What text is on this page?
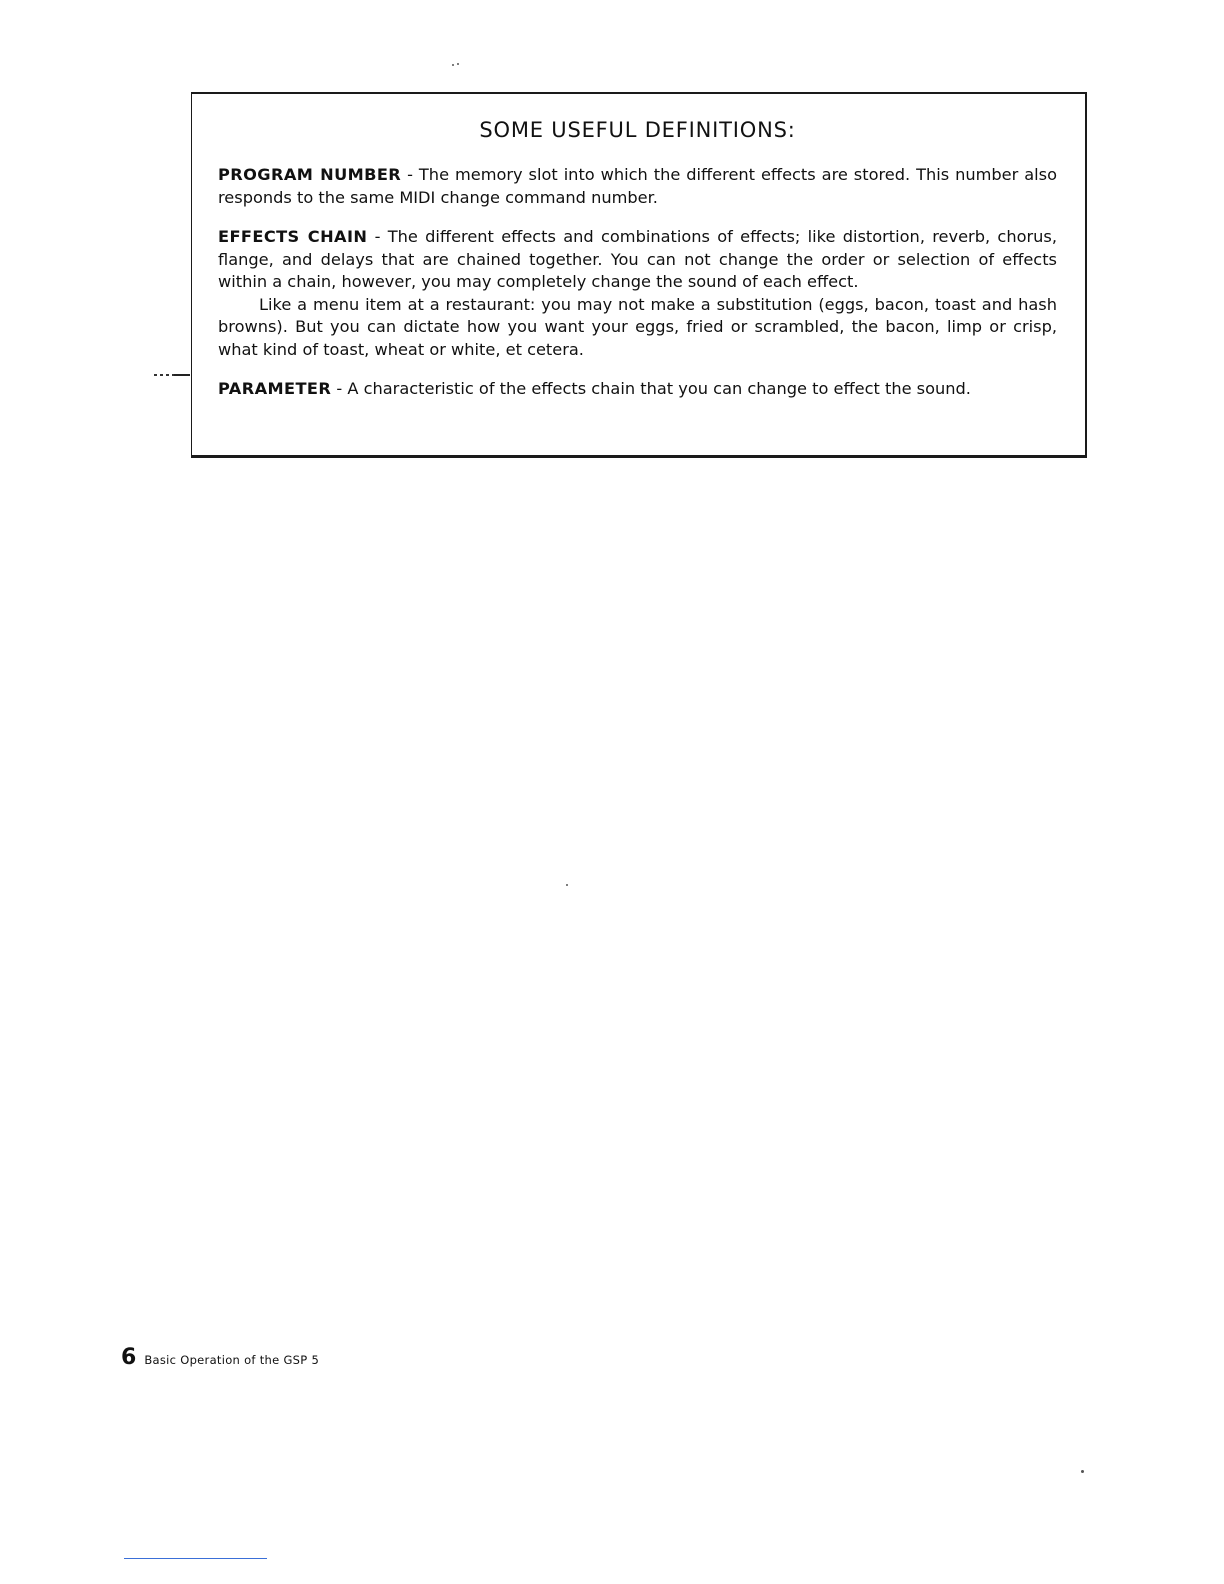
SOME USEFUL DEFINITIONS:

PROGRAM NUMBER - The memory slot into which the different effects are stored. This number also responds to the same MIDI change command number.

EFFECTS CHAIN - The different effects and combinations of effects; like distortion, reverb, chorus, flange, and delays that are chained together. You can not change the order or selection of effects within a chain, however, you may completely change the sound of each effect.

Like a menu item at a restaurant: you may not make a substitution (eggs, bacon, toast and hash browns). But you can dictate how you want your eggs, fried or scrambled, the bacon, limp or crisp, what kind of toast, wheat or white, et cetera.

PARAMETER - A characteristic of the effects chain that you can change to effect the sound.

6 Basic Operation of the GSP 5
